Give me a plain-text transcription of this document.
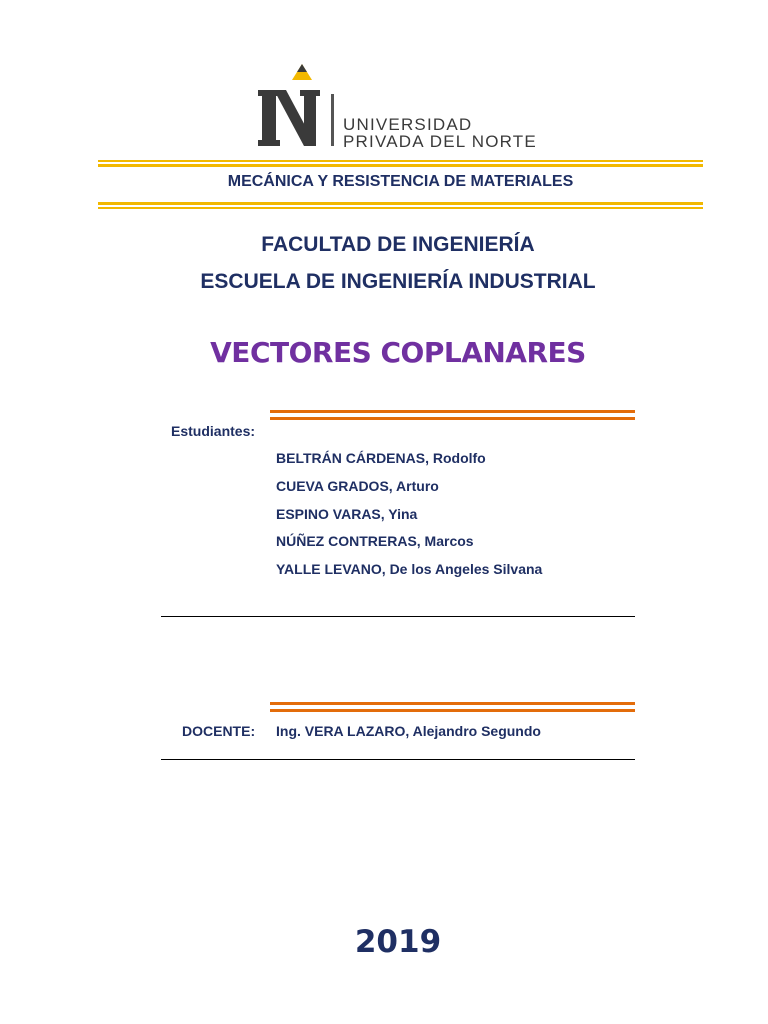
UNIVERSIDAD
PRIVADA DEL NORTE
MECÁNICA Y RESISTENCIA DE MATERIALES
FACULTAD DE INGENIERÍA
ESCUELA DE INGENIERÍA INDUSTRIAL
VECTORES COPLANARES
Estudiantes:
BELTRÁN CÁRDENAS, Rodolfo
CUEVA GRADOS, Arturo
ESPINO VARAS, Yina
NÚÑEZ CONTRERAS, Marcos
YALLE LEVANO, De los Angeles Silvana
DOCENTE: Ing. VERA LAZARO, Alejandro Segundo
2019
